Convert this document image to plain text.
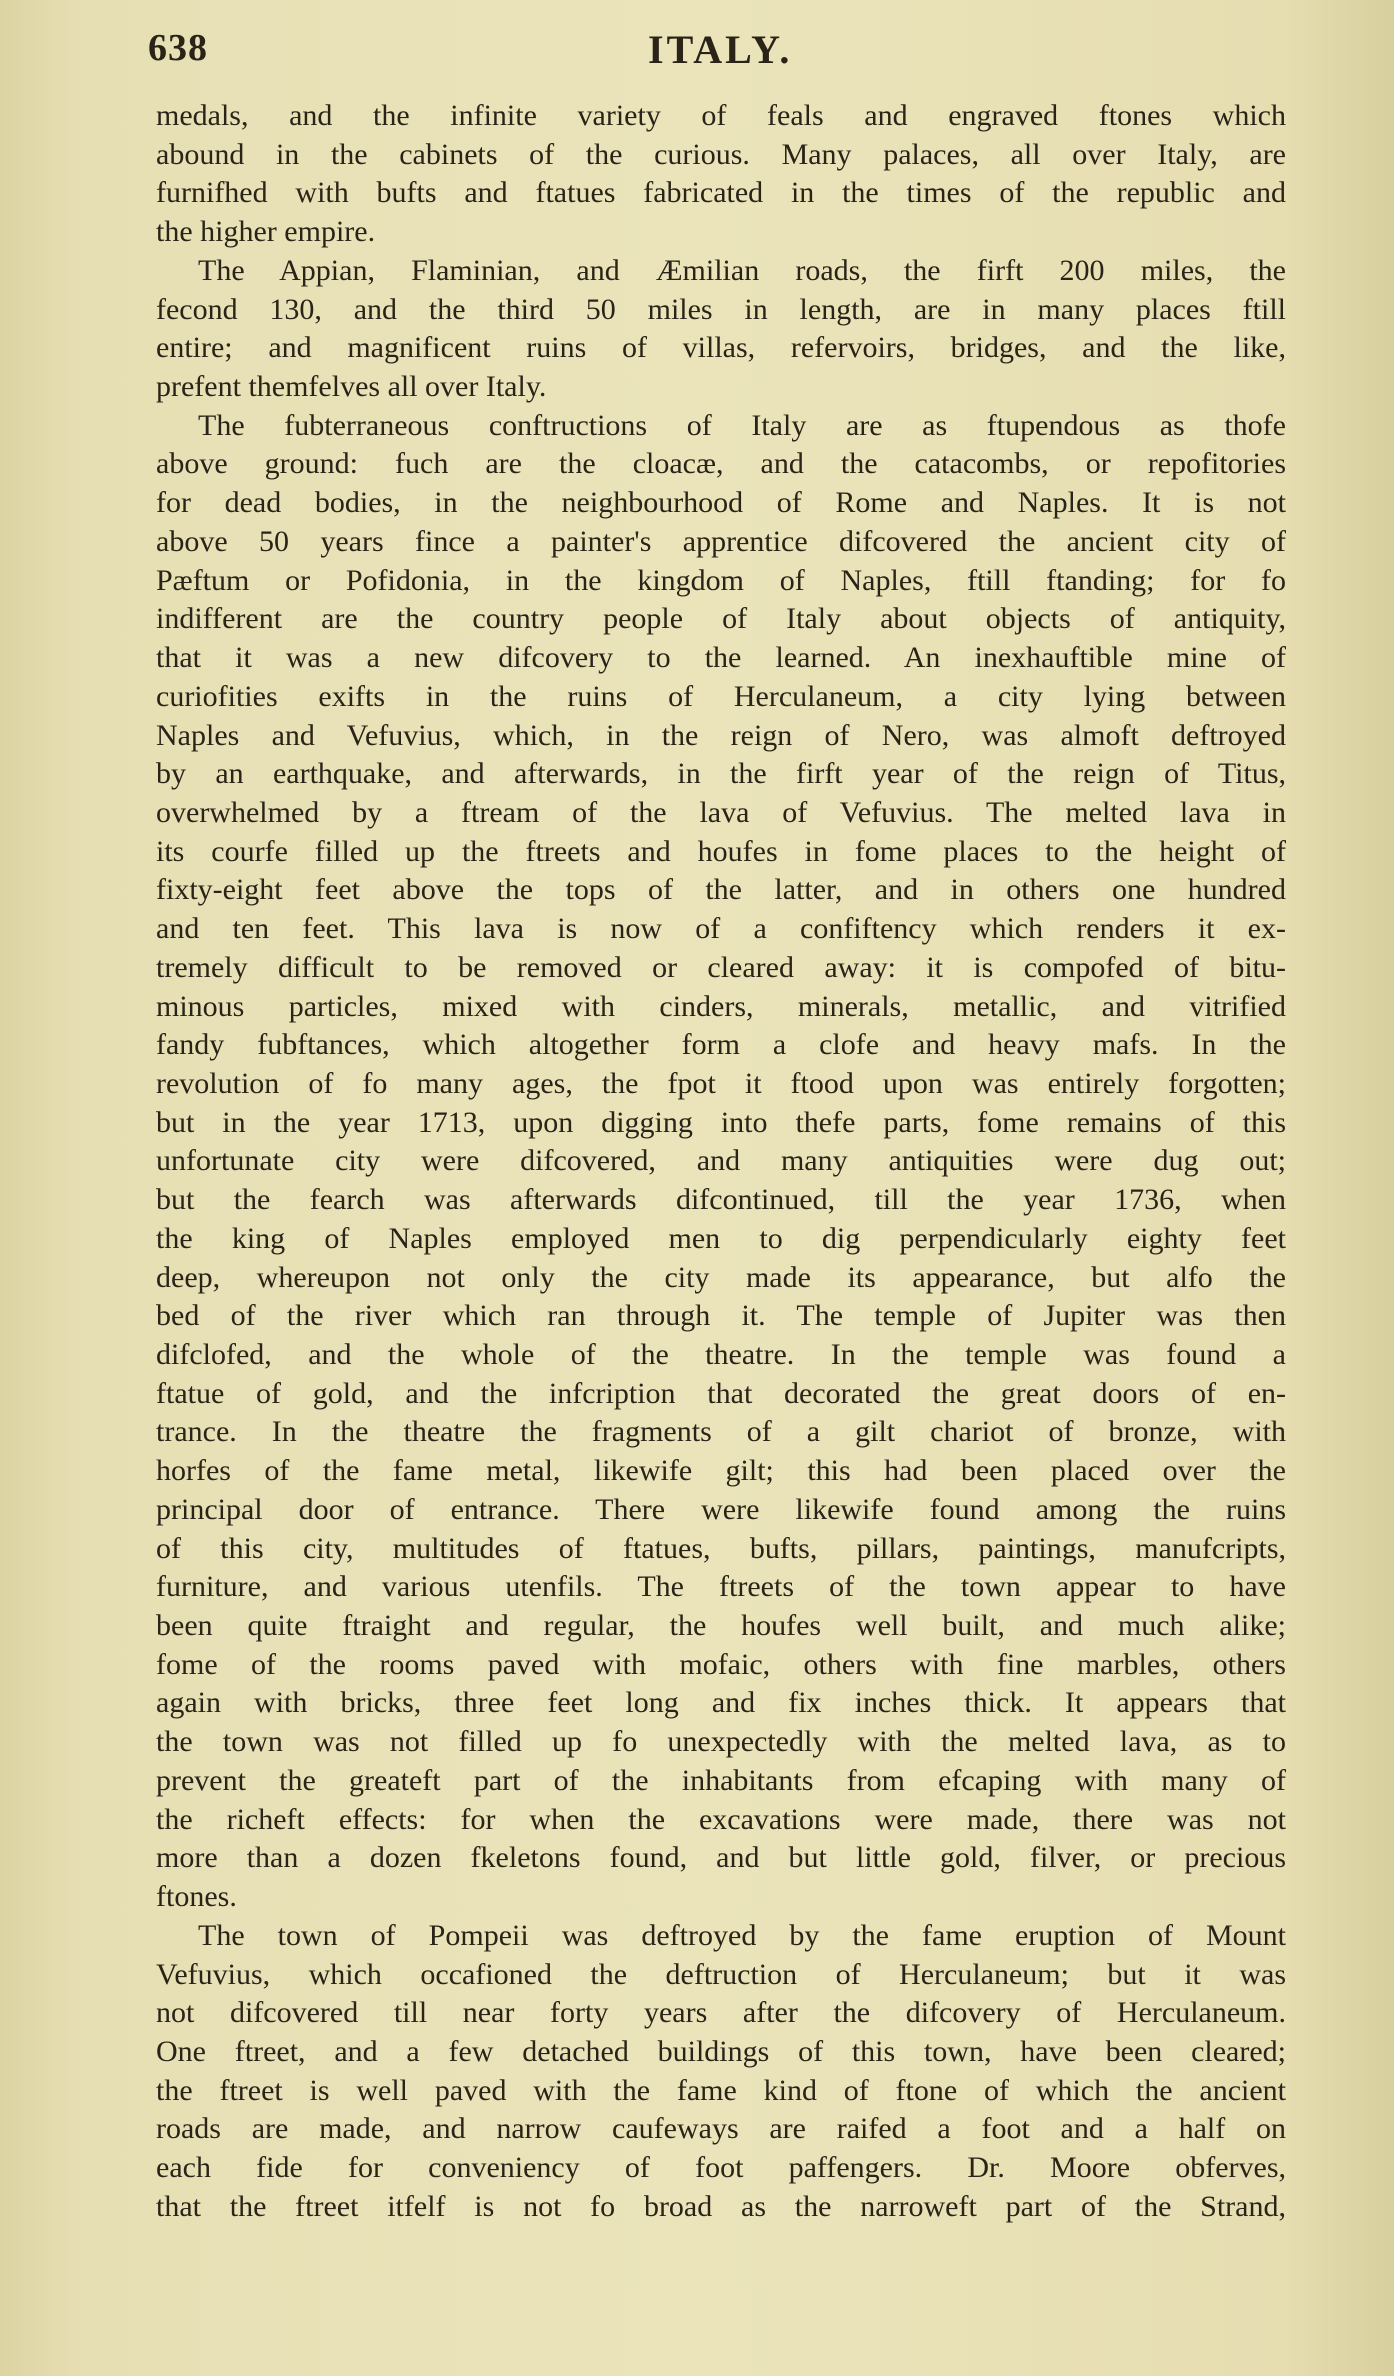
638	ITALY.
medals, and the infinite variety of feals and engraved ftones which
abound in the cabinets of the curious. Many palaces, all over Italy, are
furnifhed with bufts and ftatues fabricated in the times of the republic and
the higher empire.
The Appian, Flaminian, and Æmilian roads, the firft 200 miles, the
fecond 130, and the third 50 miles in length, are in many places ftill
entire; and magnificent ruins of villas, refervoirs, bridges, and the like,
prefent themfelves all over Italy.
The fubterraneous conftructions of Italy are as ftupendous as thofe
above ground: fuch are the cloacæ, and the catacombs, or repofitories
for dead bodies, in the neighbourhood of Rome and Naples. It is not
above 50 years fince a painter's apprentice difcovered the ancient city of
Pæftum or Pofidonia, in the kingdom of Naples, ftill ftanding; for fo
indifferent are the country people of Italy about objects of antiquity,
that it was a new difcovery to the learned. An inexhauftible mine of
curiofities exifts in the ruins of Herculaneum, a city lying between
Naples and Vefuvius, which, in the reign of Nero, was almoft deftroyed
by an earthquake, and afterwards, in the firft year of the reign of Titus,
overwhelmed by a ftream of the lava of Vefuvius. The melted lava in
its courfe filled up the ftreets and houfes in fome places to the height of
fixty-eight feet above the tops of the latter, and in others one hundred
and ten feet. This lava is now of a confiftency which renders it ex-
tremely difficult to be removed or cleared away: it is compofed of bitu-
minous particles, mixed with cinders, minerals, metallic, and vitrified
fandy fubftances, which altogether form a clofe and heavy mafs. In the
revolution of fo many ages, the fpot it ftood upon was entirely forgotten;
but in the year 1713, upon digging into thefe parts, fome remains of this
unfortunate city were difcovered, and many antiquities were dug out;
but the fearch was afterwards difcontinued, till the year 1736, when
the king of Naples employed men to dig perpendicularly eighty feet
deep, whereupon not only the city made its appearance, but alfo the
bed of the river which ran through it. The temple of Jupiter was then
difclofed, and the whole of the theatre. In the temple was found a
ftatue of gold, and the infcription that decorated the great doors of en-
trance. In the theatre the fragments of a gilt chariot of bronze, with
horfes of the fame metal, likewife gilt; this had been placed over the
principal door of entrance. There were likewife found among the ruins
of this city, multitudes of ftatues, bufts, pillars, paintings, manufcripts,
furniture, and various utenfils. The ftreets of the town appear to have
been quite ftraight and regular, the houfes well built, and much alike;
fome of the rooms paved with mofaic, others with fine marbles, others
again with bricks, three feet long and fix inches thick. It appears that
the town was not filled up fo unexpectedly with the melted lava, as to
prevent the greateft part of the inhabitants from efcaping with many of
the richeft effects: for when the excavations were made, there was not
more than a dozen fkeletons found, and but little gold, filver, or precious
ftones.
The town of Pompeii was deftroyed by the fame eruption of Mount
Vefuvius, which occafioned the deftruction of Herculaneum; but it was
not difcovered till near forty years after the difcovery of Herculaneum.
One ftreet, and a few detached buildings of this town, have been cleared;
the ftreet is well paved with the fame kind of ftone of which the ancient
roads are made, and narrow caufeways are raifed a foot and a half on
each fide for conveniency of foot paffengers. Dr. Moore obferves,
that the ftreet itfelf is not fo broad as the narroweft part of the Strand,
